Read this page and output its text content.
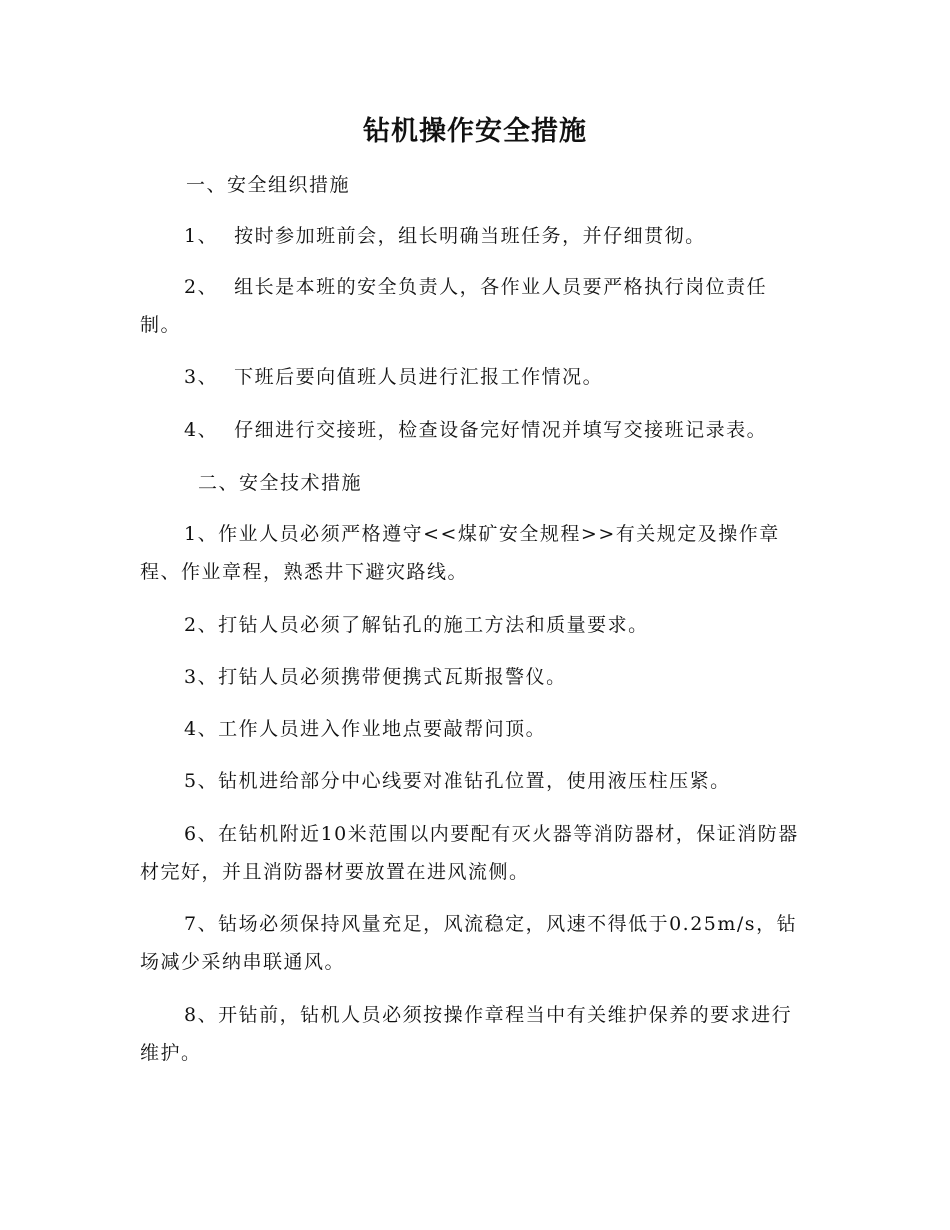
钻机操作安全措施

一、安全组织措施

1、 按时参加班前会，组长明确当班任务，并仔细贯彻。

2、 组长是本班的安全负责人，各作业人员要严格执行岗位责任制。

3、 下班后要向值班人员进行汇报工作情况。

4、 仔细进行交接班，检查设备完好情况并填写交接班记录表。

二、安全技术措施

1、作业人员必须严格遵守<<煤矿安全规程>>有关规定及操作章程、作业章程，熟悉井下避灾路线。

2、打钻人员必须了解钻孔的施工方法和质量要求。

3、打钻人员必须携带便携式瓦斯报警仪。

4、工作人员进入作业地点要敲帮问顶。

5、钻机进给部分中心线要对准钻孔位置，使用液压柱压紧。

6、在钻机附近10米范围以内要配有灭火器等消防器材，保证消防器材完好，并且消防器材要放置在进风流侧。

7、钻场必须保持风量充足，风流稳定，风速不得低于0.25m/s，钻场减少采纳串联通风。

8、开钻前，钻机人员必须按操作章程当中有关维护保养的要求进行维护。
